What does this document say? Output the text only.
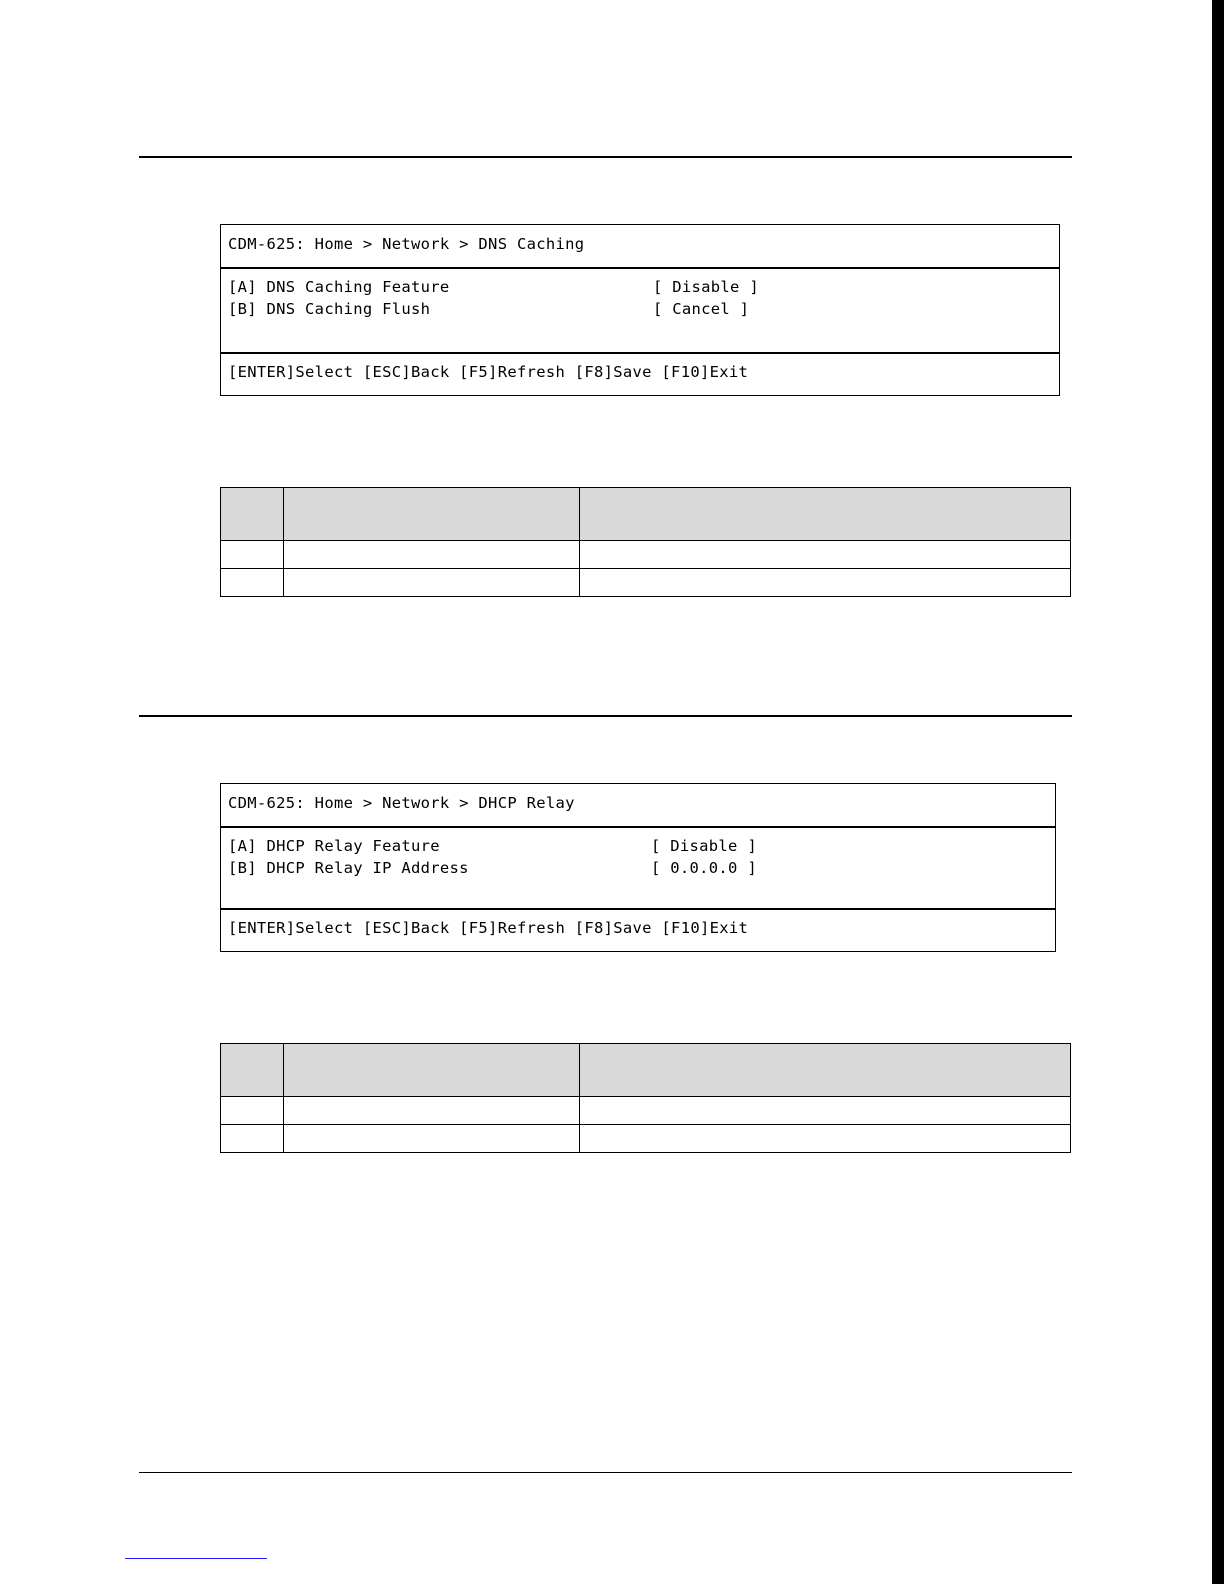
CDM-625: Home > Network > DNS Caching
[A] DNS Caching Feature	[ Disable ]
[B] DNS Caching Flush	[ Cancel ]
[ENTER]Select [ESC]Back [F5]Refresh [F8]Save [F10]Exit

CDM-625: Home > Network > DHCP Relay
[A] DHCP Relay Feature	[ Disable ]
[B] DHCP Relay IP Address	[ 0.0.0.0 ]
[ENTER]Select [ESC]Back [F5]Refresh [F8]Save [F10]Exit
